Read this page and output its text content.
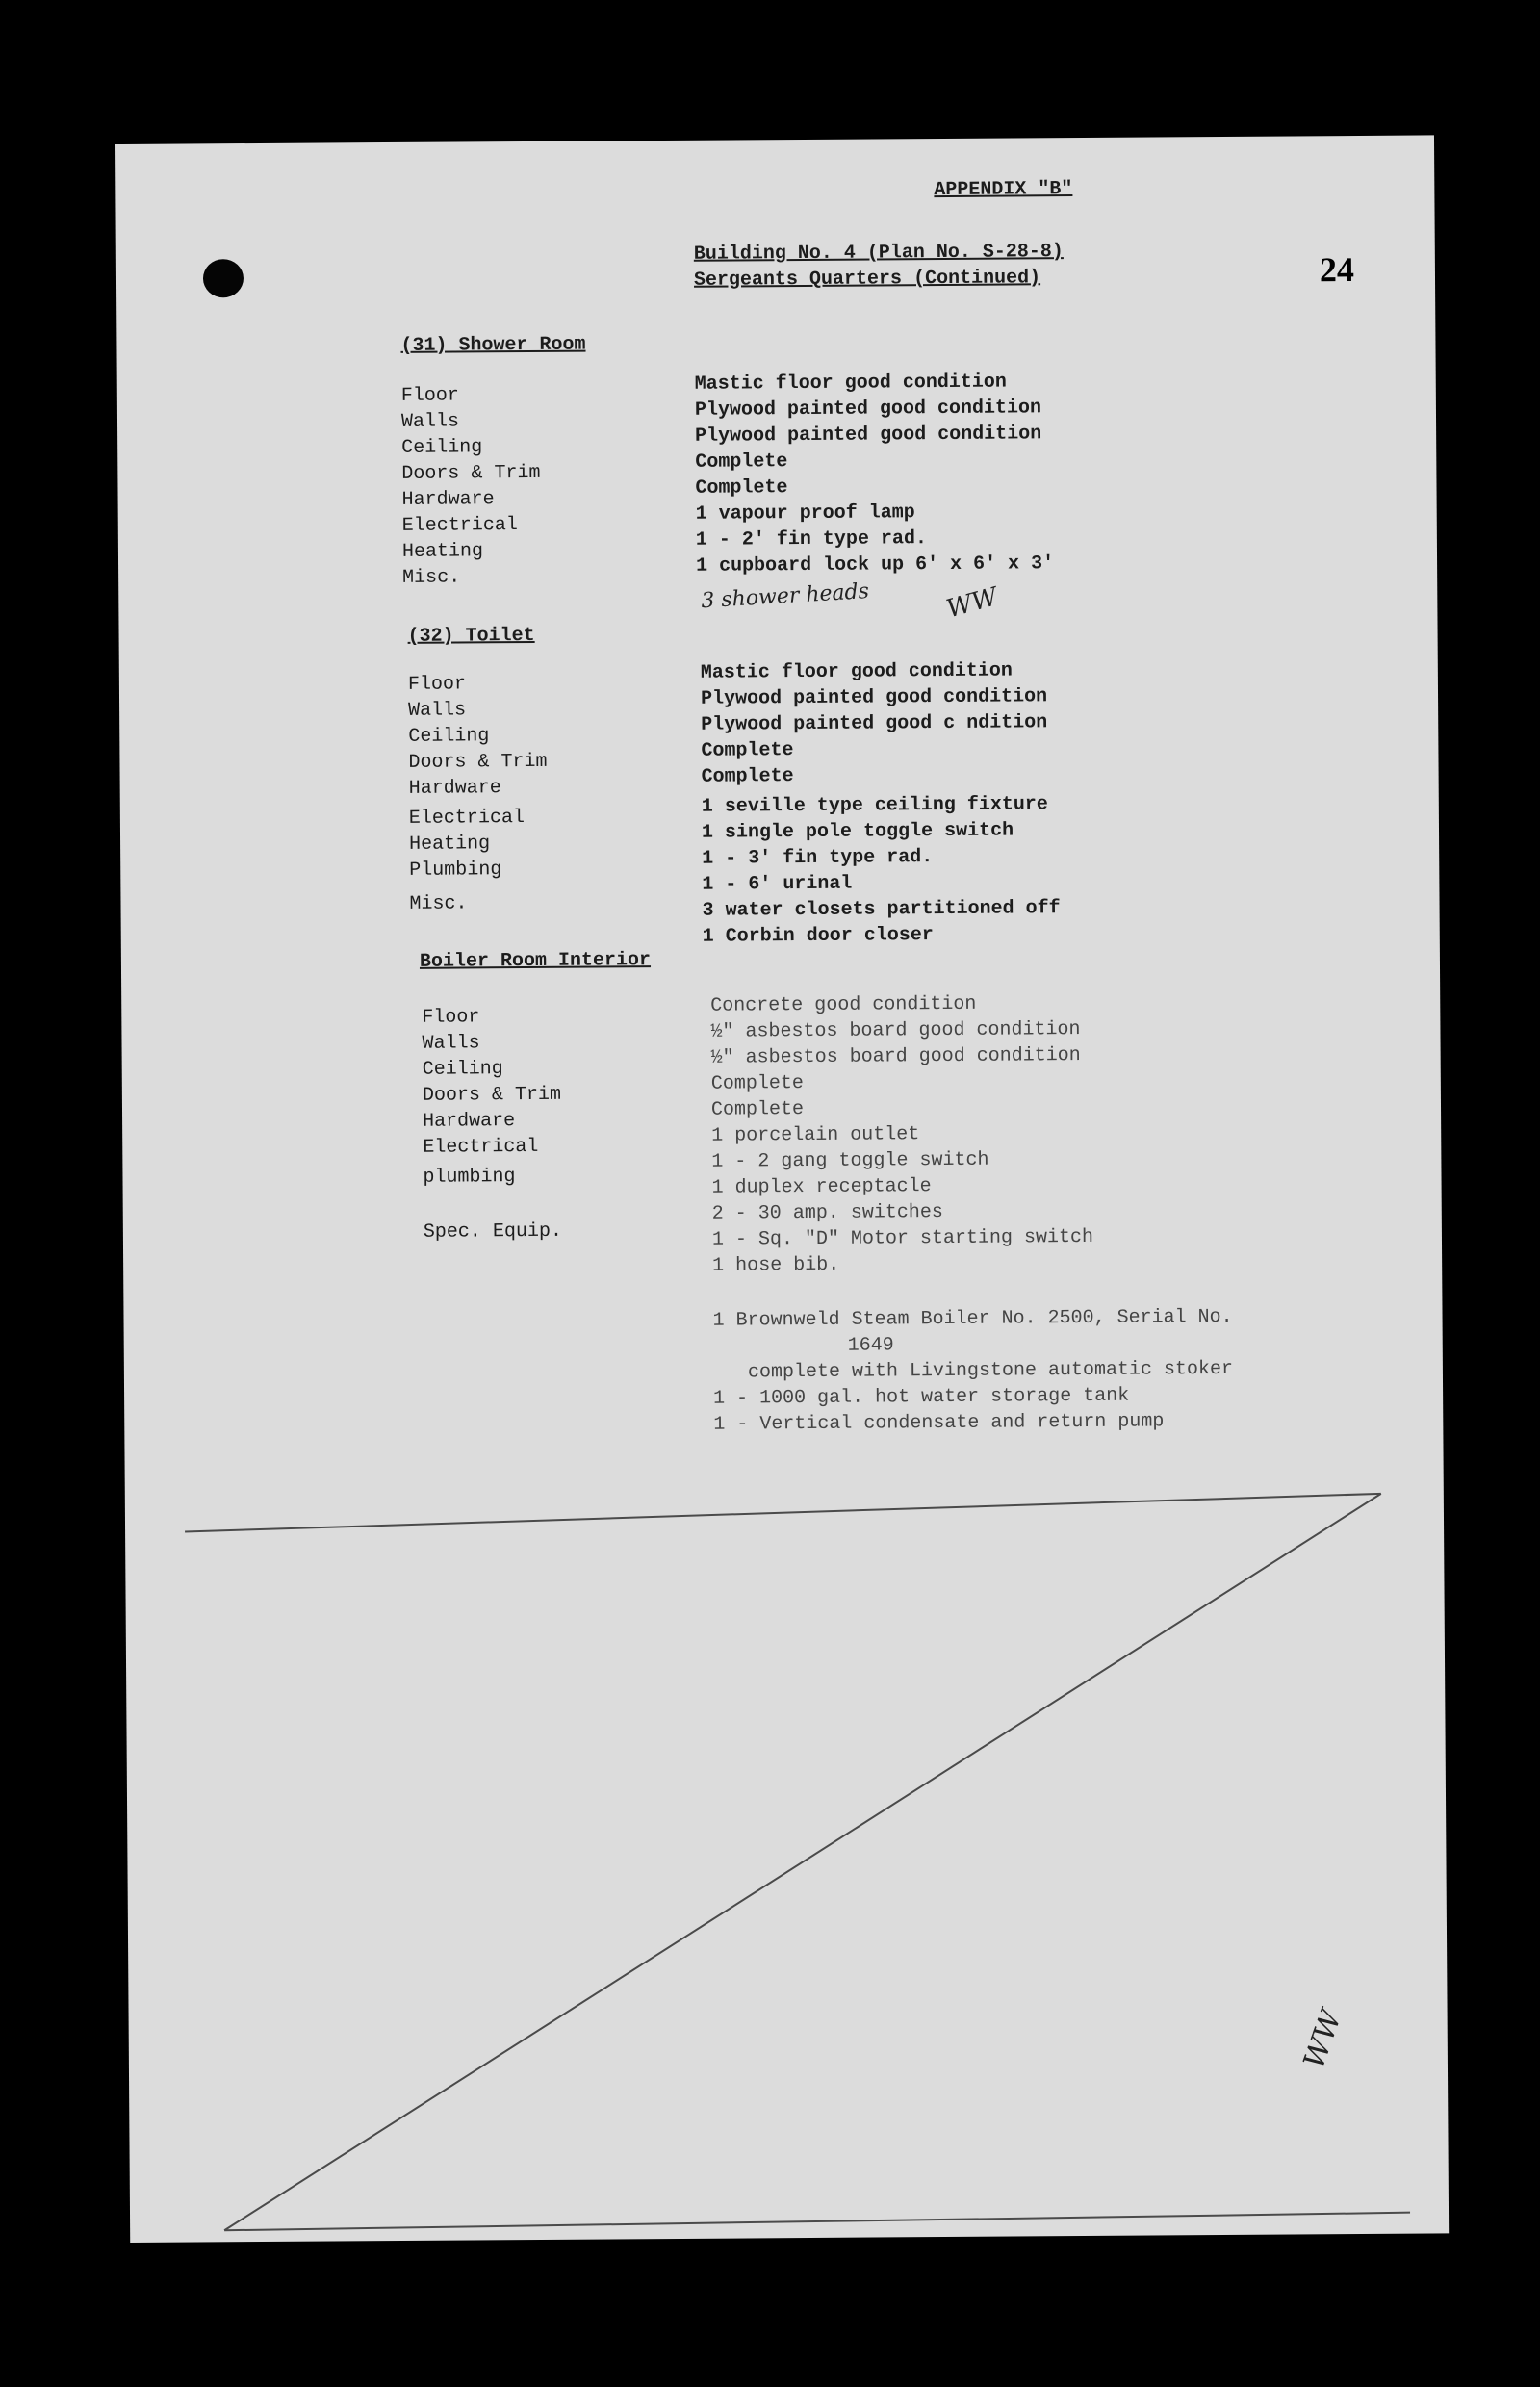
APPENDIX "B"
Building No. 4 (Plan No. S-28-8)
Sergeants Quarters (Continued)	24
(31) Shower Room
Floor
Walls
Ceiling
Doors & Trim
Hardware
Electrical
Heating
Misc.
Mastic floor good condition
Plywood painted good condition
Plywood painted good condition
Complete
Complete
1 vapour proof lamp
1 - 2' fin type rad.
1 cupboard lock up 6' x 6' x 3'
3 shower heads	WW
(32) Toilet
Floor
Walls
Ceiling
Doors & Trim
Hardware
Electrical
Heating
Plumbing
Misc.
Mastic floor good condition
Plywood painted good condition
Plywood painted good c ndition
Complete
Complete
1 seville type ceiling fixture
1 single pole toggle switch
1 - 3' fin type rad.
1 - 6' urinal
3 water closets partitioned off
1 Corbin door closer
Boiler Room Interior
Floor
Walls
Ceiling
Doors & Trim
Hardware
Electrical
plumbing
Spec. Equip.
Concrete good condition
½" asbestos board good condition
½" asbestos board good condition
Complete
Complete
1 porcelain outlet
1 - 2 gang toggle switch
1 duplex receptacle
2 - 30 amp. switches
1 - Sq. "D" Motor starting switch
1 hose bib.
1 Brownweld Steam Boiler No. 2500, Serial No.
1649
complete with Livingstone automatic stoker
1 - 1000 gal. hot water storage tank
1 - Vertical condensate and return pump
WW
